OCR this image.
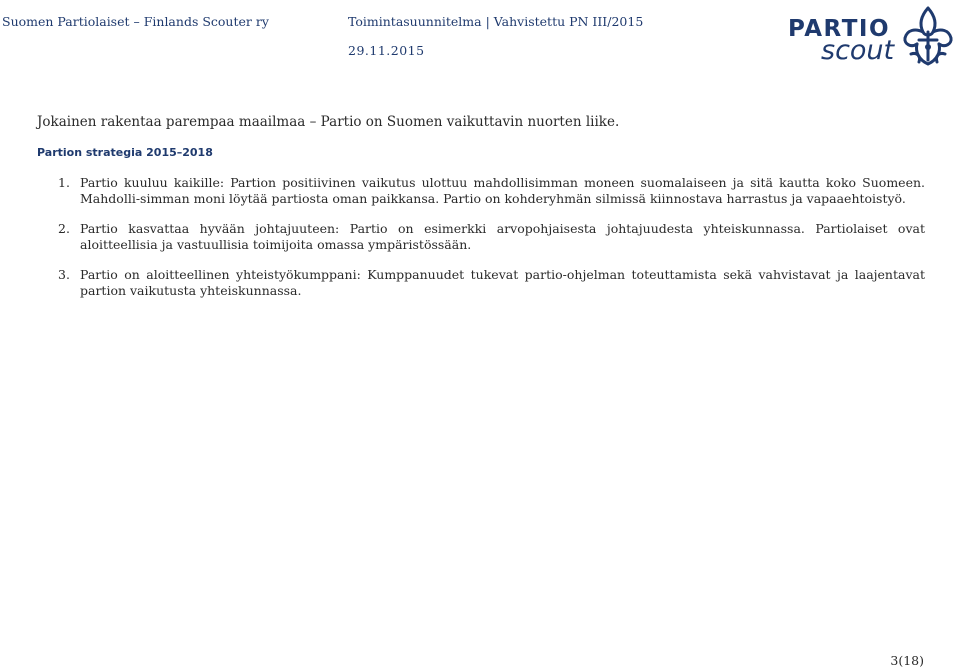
Suomen Partiolaiset – Finlands Scouter ry	Toimintasuunnitelma | Vahvistettu PN III/2015
29.11.2015
PARTIO
scout
Jokainen rakentaa parempaa maailmaa – Partio on Suomen vaikuttavin nuorten liike.
Partion strategia 2015–2018
1. Partio kuuluu kaikille: Partion positiivinen vaikutus ulottuu mahdollisimman moneen suomalaiseen ja sitä kautta koko Suomeen. Mahdolli-simman moni löytää partiosta oman paikkansa. Partio on kohderyhmän silmissä kiinnostava harrastus ja vapaaehtoistyö.
2. Partio kasvattaa hyvään johtajuuteen: Partio on esimerkki arvopohjaisesta johtajuudesta yhteiskunnassa. Partiolaiset ovat aloitteellisia ja vastuullisia toimijoita omassa ympäristössään.
3. Partio on aloitteellinen yhteistyökumppani: Kumppanuudet tukevat partio-ohjelman toteuttamista sekä vahvistavat ja laajentavat partion vaikutusta yhteiskunnassa.
3(18)
